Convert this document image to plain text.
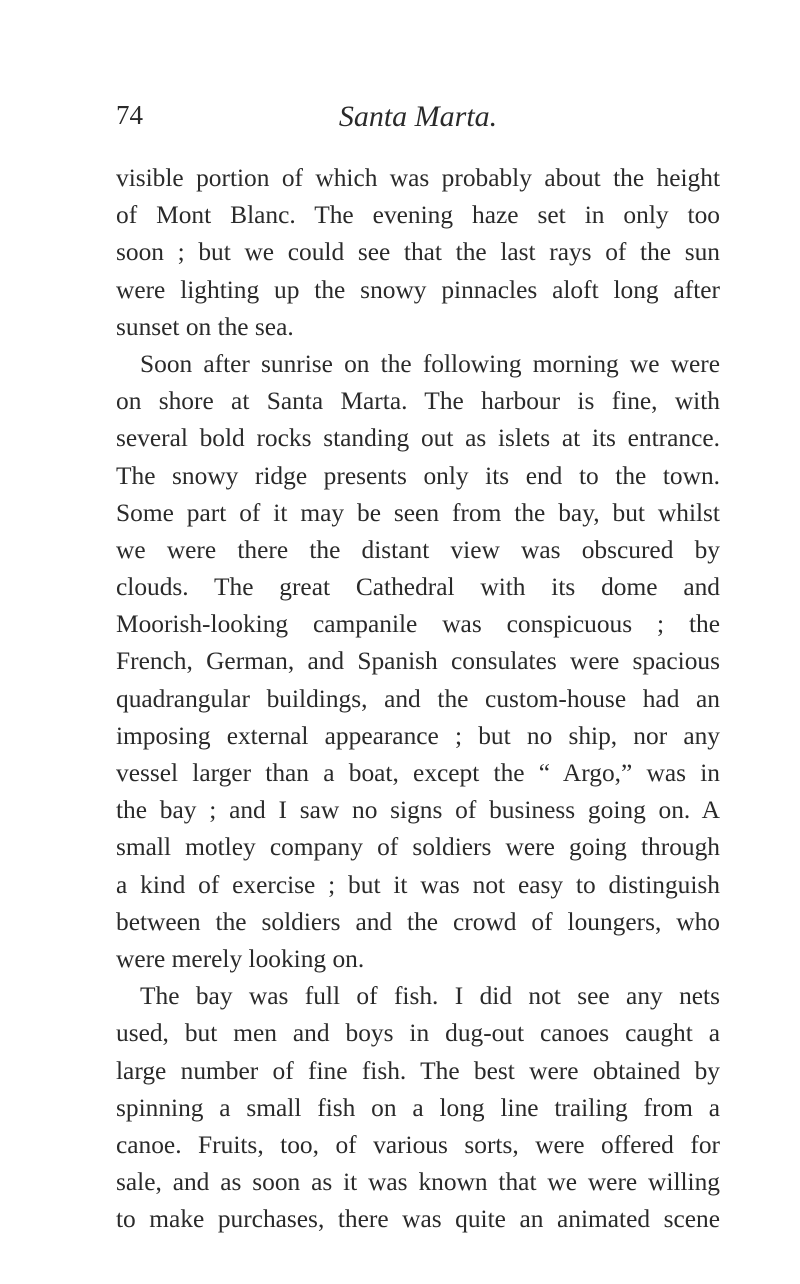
74	Santa Marta.
visible portion of which was probably about the height
of Mont Blanc. The evening haze set in only too
soon ; but we could see that the last rays of the sun
were lighting up the snowy pinnacles aloft long after
sunset on the sea.
Soon after sunrise on the following morning we were
on shore at Santa Marta. The harbour is fine, with
several bold rocks standing out as islets at its entrance.
The snowy ridge presents only its end to the town.
Some part of it may be seen from the bay, but whilst
we were there the distant view was obscured by
clouds. The great Cathedral with its dome and
Moorish-looking campanile was conspicuous ; the
French, German, and Spanish consulates were spacious
quadrangular buildings, and the custom-house had an
imposing external appearance ; but no ship, nor any
vessel larger than a boat, except the “ Argo,” was in
the bay ; and I saw no signs of business going on. A
small motley company of soldiers were going through
a kind of exercise ; but it was not easy to distinguish
between the soldiers and the crowd of loungers, who
were merely looking on.
The bay was full of fish. I did not see any nets
used, but men and boys in dug-out canoes caught a
large number of fine fish. The best were obtained by
spinning a small fish on a long line trailing from a
canoe. Fruits, too, of various sorts, were offered for
sale, and as soon as it was known that we were willing
to make purchases, there was quite an animated scene
